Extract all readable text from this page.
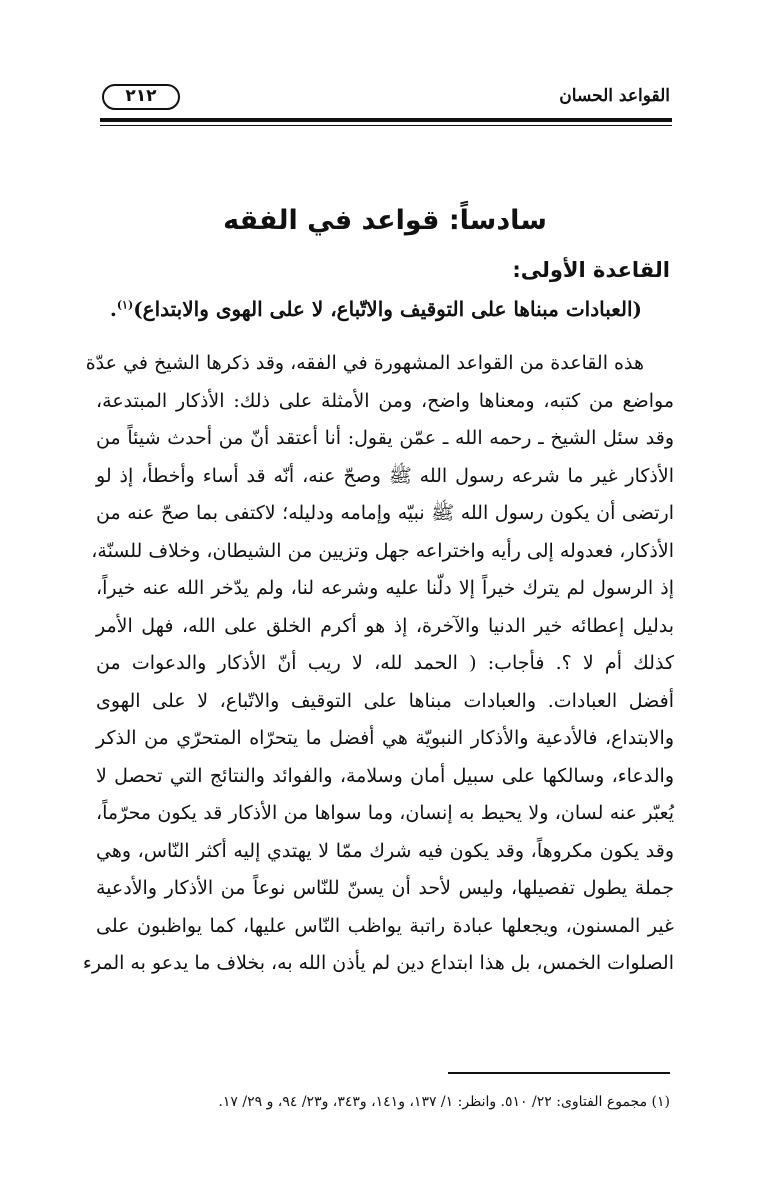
٢١٢	القواعد الحسان
سادساً: قواعد في الفقه
القاعدة الأولى:
(العبادات مبناها على التوقيف والاتّباع، لا على الهوى والابتداع)$^{(١)}$.
هذه القاعدة من القواعد المشهورة في الفقه، وقد ذكرها الشيخ في عدّة
مواضع من كتبه، ومعناها واضح، ومن الأمثلة على ذلك: الأذكار المبتدعة،
وقد سئل الشيخ ـ رحمه الله ـ عمّن يقول: أنا أعتقد أنّ من أحدث شيئاً من
الأذكار غير ما شرعه رسول الله ﷺ وصحّ عنه، أنّه قد أساء وأخطأ، إذ لو
ارتضى أن يكون رسول الله ﷺ نبيّه وإمامه ودليله؛ لاكتفى بما صحّ عنه من
الأذكار، فعدوله إلى رأيه واختراعه جهل وتزيين من الشيطان، وخلاف للسنّة،
إذ الرسول لم يترك خيراً إلا دلّنا عليه وشرعه لنا، ولم يدّخر الله عنه خيراً،
بدليل إعطائه خير الدنيا والآخرة، إذ هو أكرم الخلق على الله، فهل الأمر
كذلك أم لا ؟. فأجاب: ( الحمد لله، لا ريب أنّ الأذكار والدعوات من
أفضل العبادات. والعبادات مبناها على التوقيف والاتّباع، لا على الهوى
والابتداع، فالأدعية والأذكار النبويّة هي أفضل ما يتحرّاه المتحرّي من الذكر
والدعاء، وسالكها على سبيل أمان وسلامة، والفوائد والنتائج التي تحصل لا
يُعبّر عنه لسان، ولا يحيط به إنسان، وما سواها من الأذكار قد يكون محرّماً،
وقد يكون مكروهاً، وقد يكون فيه شرك ممّا لا يهتدي إليه أكثر النّاس، وهي
جملة يطول تفصيلها، وليس لأحد أن يسنّ للنّاس نوعاً من الأذكار والأدعية
غير المسنون، ويجعلها عبادة راتبة يواظب النّاس عليها، كما يواظبون على
الصلوات الخمس، بل هذا ابتداع دين لم يأذن الله به، بخلاف ما يدعو به المرء
(١) مجموع الفتاوى: ٢٢/ ٥١٠. وانظر: ١/ ١٣٧، و١٤١، و٣٤٣، و٢٣/ ٩٤، و ٢٩/ ١٧.
